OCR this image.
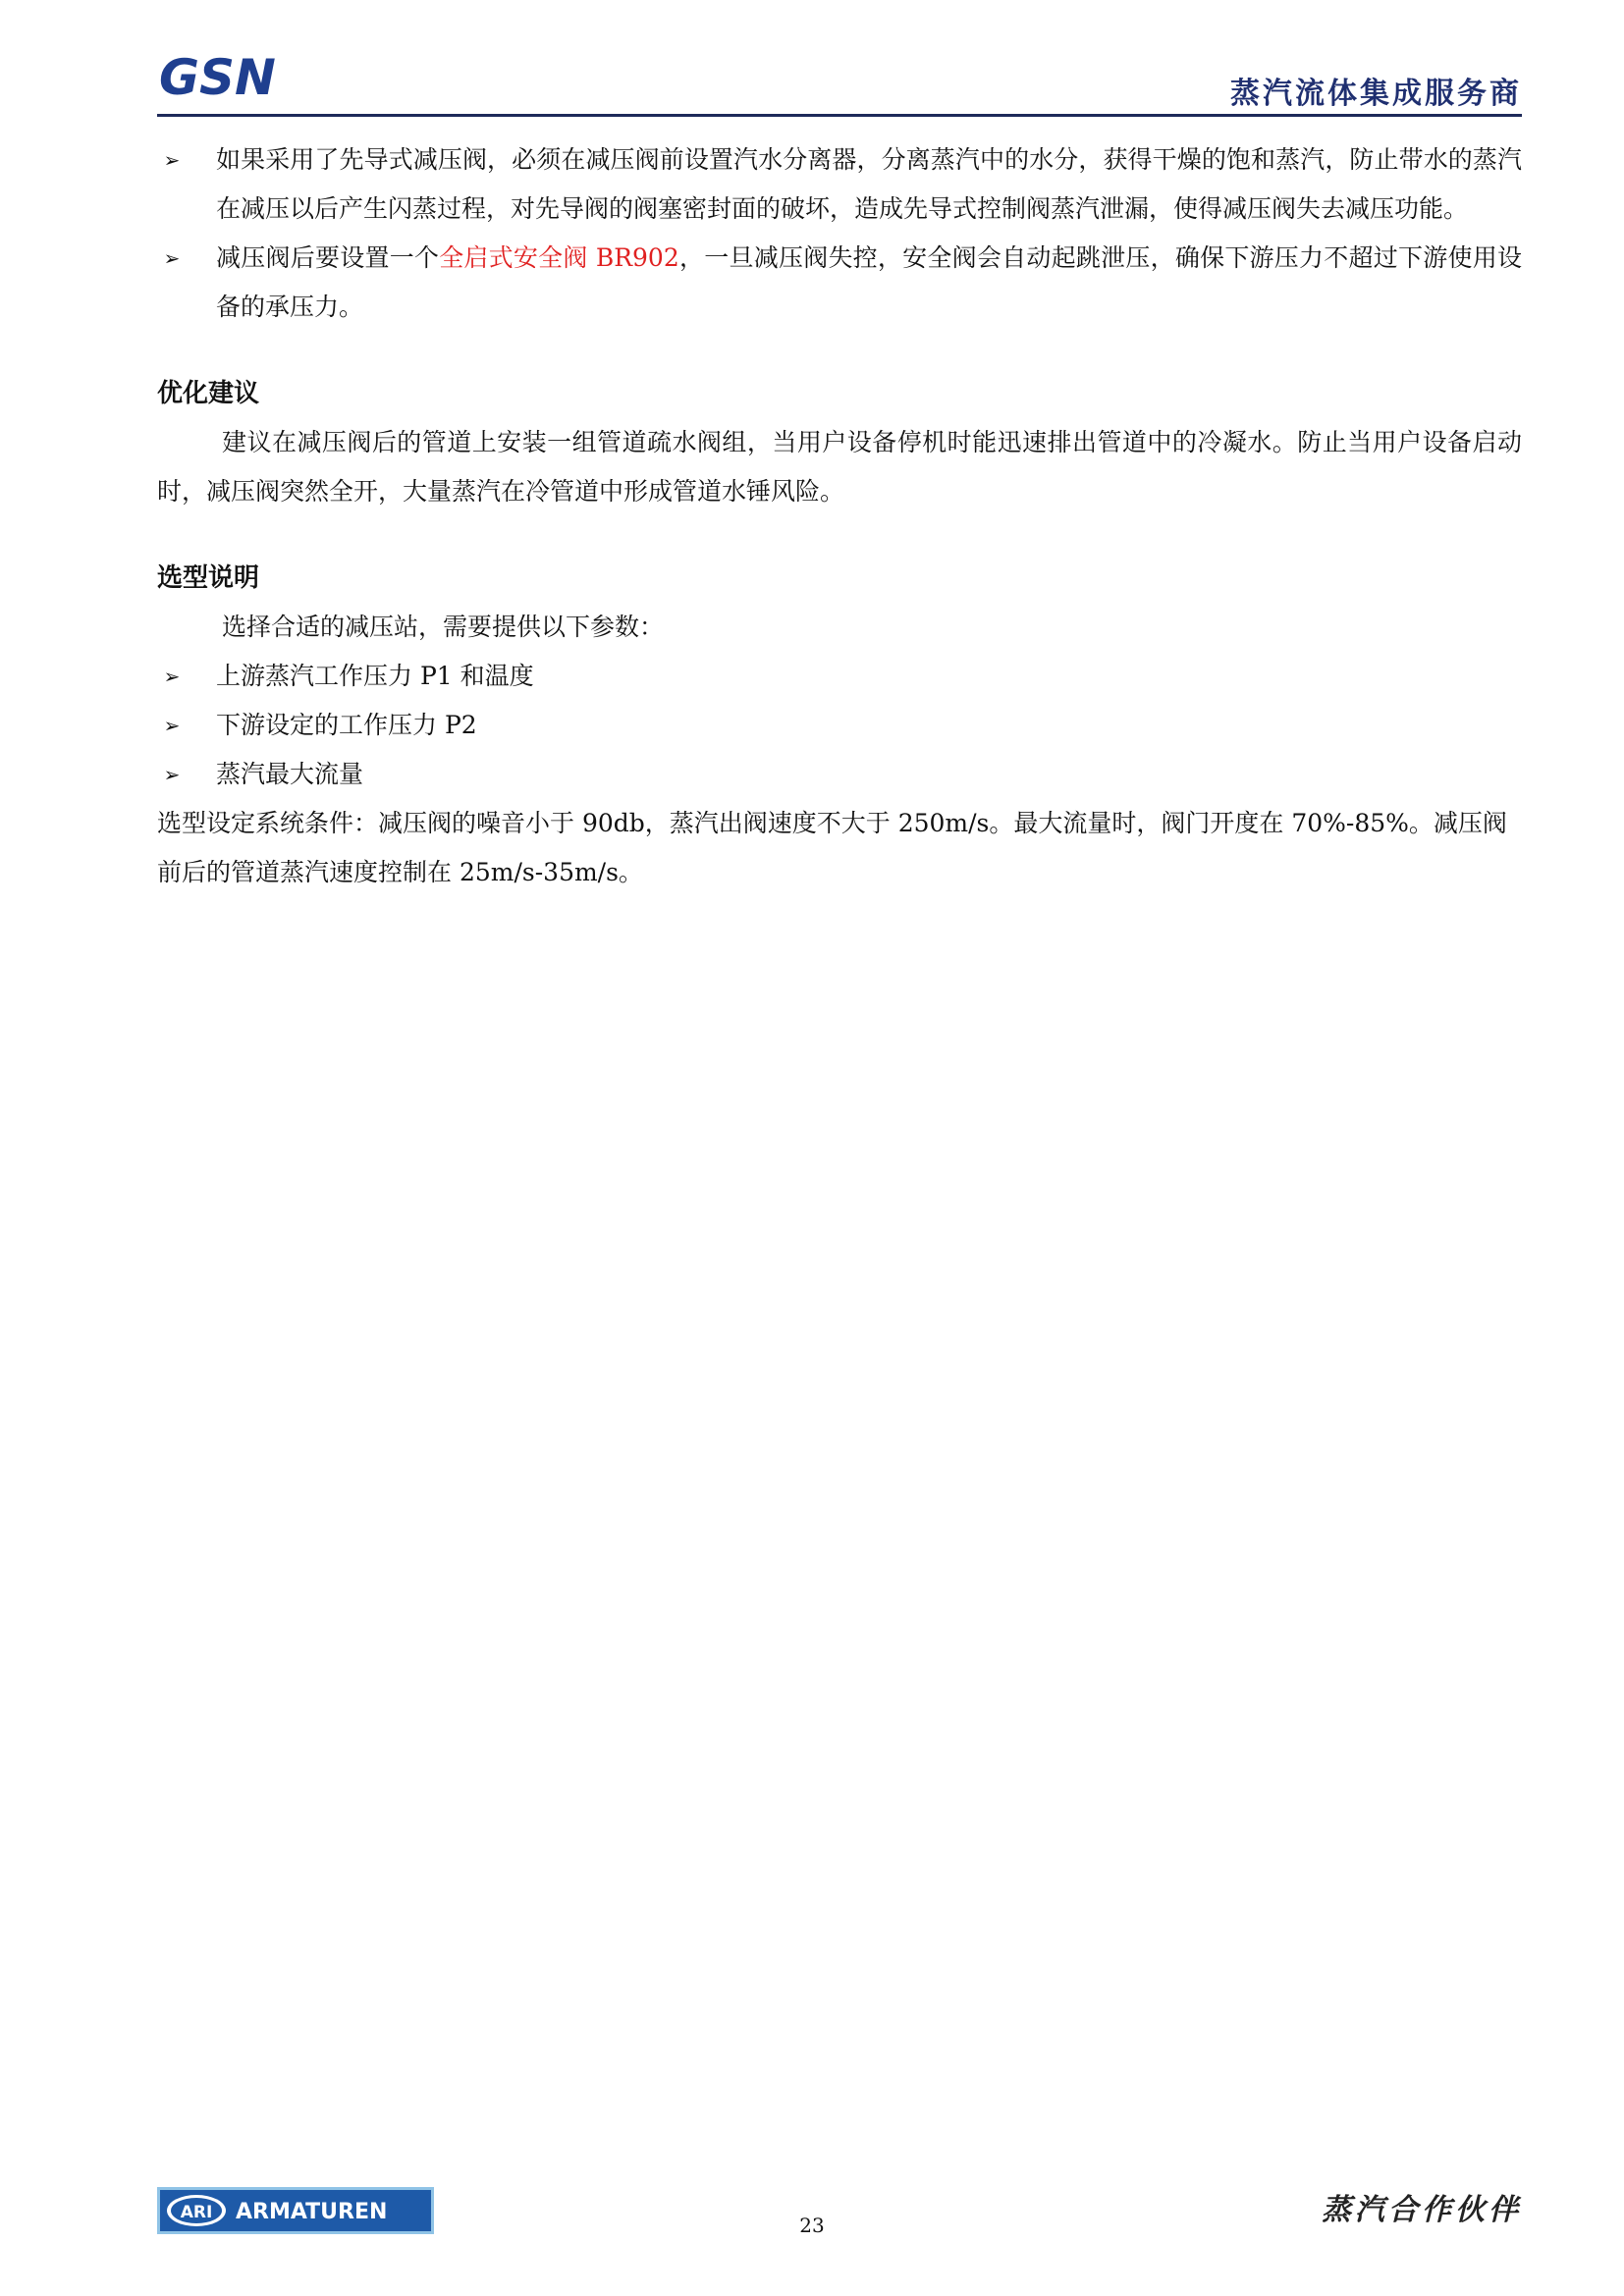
GSN	蒸汽流体集成服务商
➢ 如果采用了先导式减压阀，必须在减压阀前设置汽水分离器，分离蒸汽中的水分，获得干燥的饱和蒸汽，防止带水的蒸汽在减压以后产生闪蒸过程，对先导阀的阀塞密封面的破坏，造成先导式控制阀蒸汽泄漏，使得减压阀失去减压功能。
➢ 减压阀后要设置一个全启式安全阀 BR902，一旦减压阀失控，安全阀会自动起跳泄压，确保下游压力不超过下游使用设备的承压力。
优化建议
建议在减压阀后的管道上安装一组管道疏水阀组，当用户设备停机时能迅速排出管道中的冷凝水。防止当用户设备启动时，减压阀突然全开，大量蒸汽在冷管道中形成管道水锤风险。
选型说明
选择合适的减压站，需要提供以下参数：
➢ 上游蒸汽工作压力 P1 和温度
➢ 下游设定的工作压力 P2
➢ 蒸汽最大流量
选型设定系统条件：减压阀的噪音小于 90db，蒸汽出阀速度不大于 250m/s。最大流量时，阀门开度在 70%-85%。减压阀前后的管道蒸汽速度控制在 25m/s-35m/s。
ARI ARMATUREN
23	蒸汽合作伙伴
